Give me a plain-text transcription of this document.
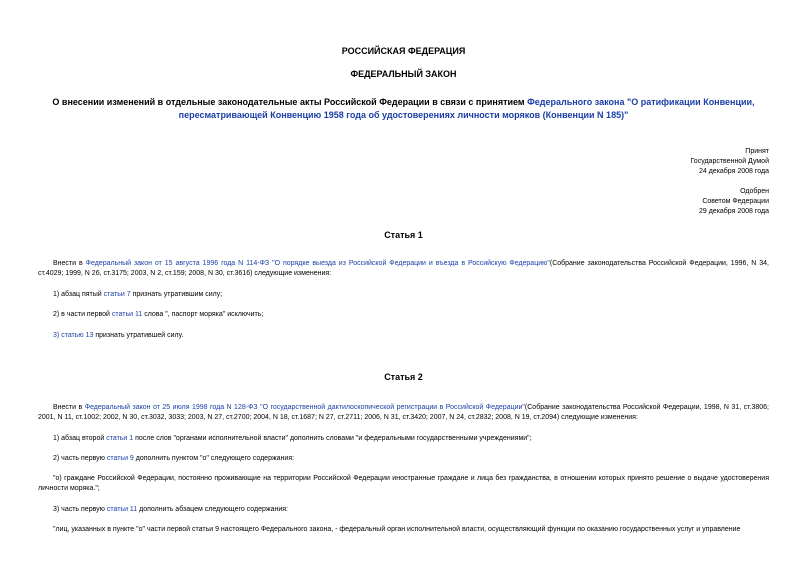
РОССИЙСКАЯ ФЕДЕРАЦИЯ
ФЕДЕРАЛЬНЫЙ ЗАКОН
О внесении изменений в отдельные законодательные акты Российской Федерации в связи с принятием Федерального закона "О ратификации Конвенции,
пересматривающей Конвенцию 1958 года об удостоверениях личности моряков (Конвенции N 185)"
Принят
Государственной Думой
24 декабря 2008 года
Одобрен
Советом Федерации
29 декабря 2008 года
Статья 1
Внести в Федеральный закон от 15 августа 1996 года N 114-ФЗ "О порядке выезда из Российской Федерации и въезда в Российскую Федерацию"(Собрание законодательства Российской Федерации, 1996, N 34, ст.4029; 1999, N 26, ст.3175; 2003, N 2, ст.159; 2008, N 30, ст.3616) следующие изменения:
1) абзац пятый статьи 7 признать утратившим силу;
2) в части первой статьи 11 слова ", паспорт моряка" исключить;
3) статью 13 признать утратившей силу.
Статья 2
Внести в Федеральный закон от 25 июля 1998 года N 128-ФЗ "О государственной дактилоскопической регистрации в Российской Федерации"(Собрание законодательства Российской Федерации, 1998, N 31, ст.3806; 2001, N 11, ст.1002; 2002, N 30, ст.3032, 3033; 2003, N 27, ст.2700; 2004, N 18, ст.1687; N 27, ст.2711; 2006, N 31, ст.3420; 2007, N 24, ст.2832; 2008, N 19, ст.2094) следующие изменения:
1) абзац второй статьи 1 после слов "органами исполнительной власти" дополнить словами "и федеральными государственными учреждениями";
2) часть первую статьи 9 дополнить пунктом "о" следующего содержания:
"о) граждане Российской Федерации, постоянно проживающие на территории Российской Федерации иностранные граждане и лица без гражданства, в отношении которых принято решение о выдаче удостоверения личности моряка.";
3) часть первую статьи 11 дополнить абзацем следующего содержания:
"лиц, указанных в пункте "о" части первой статьи 9 настоящего Федерального закона, - федеральный орган исполнительной власти, осуществляющий функции по оказанию государственных услуг и управление
